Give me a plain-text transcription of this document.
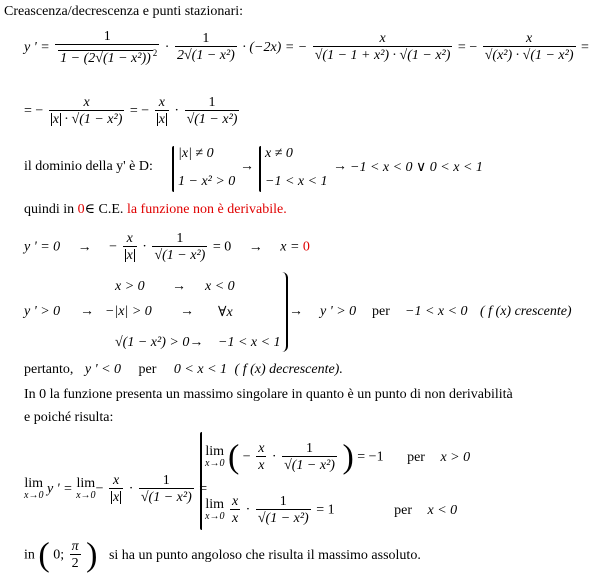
Creascenza/decrescenza e punti stazionari:
y ' = $\frac{1}{1 - (2√(1 - x^2)) ^2} \cdot \frac{1}{\text{2√(1 − x²)}} \cdot (-2x)$ = − $\frac{x}{\text{√(1 − 1 + x²) · √(1 − x²)}}$ = − $\frac{x}{\text{√(x²) · √(1 − x²)}}$ =
= − $\frac{x}{\text{x · √(1 − x²)}}$ = − $\frac{x}{x} \cdot \frac{1}{\text{√(1 − x²)}}$
il dominio della y' è D:
|x| ≠ 0
1 − x² > 0
→
x ≠ 0
−1 < x < 1
→ −1 < x < 0 ∨ 0 < x < 1
quindi in 0∈ C.E. la funzione non è derivabile.
y ' = 0 → − $\frac{x}{x} \cdot \frac{1}{\text{√(1 − x²)}} = 0 \to x = 0$
y ' > 0 →
x > 0 → x < 0
−|x| > 0 → ∀x
√(1 − x²) > 0→ −1 < x < 1
→ y ' > 0 per −1 < x < 0 ( f (x) crescente)
pertanto, y ' < 0 per 0 < x < 1 ( f (x) decrescente).
In 0 la funzione presenta un massimo singolare in quanto è un punto di non derivabilità
e poiché risulta:
lim
x→0 y ' = lim
$x\to 0 - \frac{x}{x} \cdot \frac{1}{\text{√(1 − x²)}}$ =
lim
x→0 ( − $\frac{x}{x} \cdot \frac{1}{\text{√(1 − x²)}}$ ) = −1 per x > 0
lim
x→0
$\frac{x}{x} \cdot \frac{1}{\text{√(1 − x²)}} = 1$	per x < 0
in ( 0; $\frac{\pi}{2}$ ) si ha un punto angoloso che risulta il massimo assoluto.
